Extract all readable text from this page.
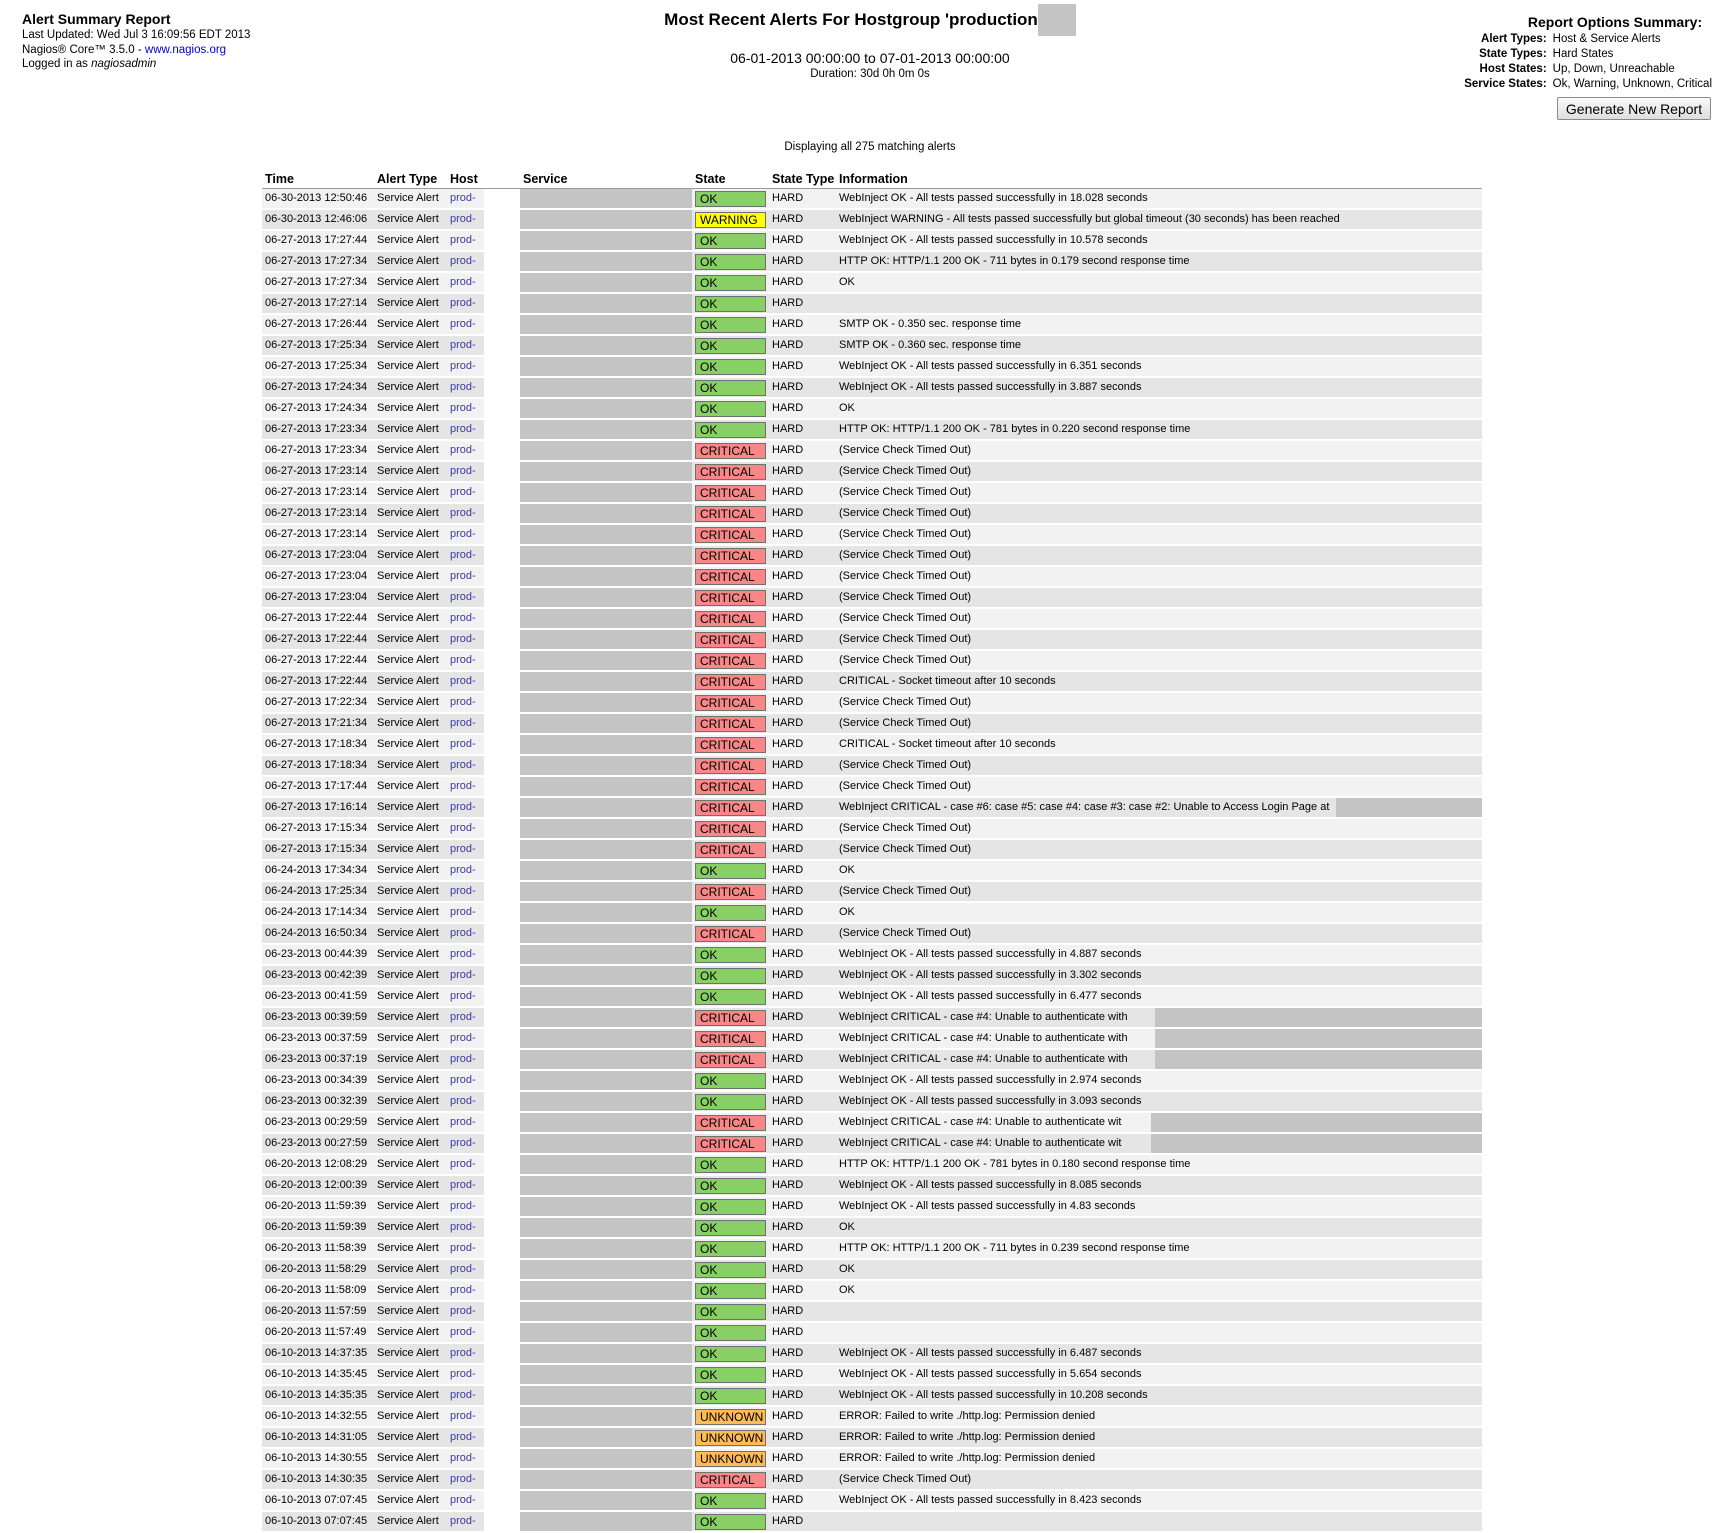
Alert Summary Report
Last Updated: Wed Jul 3 16:09:56 EDT 2013
Nagios® Core™ 3.5.0 - www.nagios.org
Logged in as nagiosadmin
Most Recent Alerts For Hostgroup 'production
06-01-2013 00:00:00 to 07-01-2013 00:00:00
Duration: 30d 0h 0m 0s
Report Options Summary:
Alert Types:	Host & Service Alerts
State Types:	Hard States
Host States:	Up, Down, Unreachable
Service States:	Ok, Warning, Unknown, Critical
Generate New Report
Displaying all 275 matching alerts
Time	Alert Type	Host		Service	State	State Type	Information
06-30-2013 12:50:46	Service Alert	prod-			OK	HARD	WebInject OK - All tests passed successfully in 18.028 seconds
06-30-2013 12:46:06	Service Alert	prod-			WARNING	HARD	WebInject WARNING - All tests passed successfully but global timeout (30 seconds) has been reached
06-27-2013 17:27:44	Service Alert	prod-			OK	HARD	WebInject OK - All tests passed successfully in 10.578 seconds
06-27-2013 17:27:34	Service Alert	prod-			OK	HARD	HTTP OK: HTTP/1.1 200 OK - 711 bytes in 0.179 second response time
06-27-2013 17:27:34	Service Alert	prod-			OK	HARD	OK
06-27-2013 17:27:14	Service Alert	prod-			OK	HARD	
06-27-2013 17:26:44	Service Alert	prod-			OK	HARD	SMTP OK - 0.350 sec. response time
06-27-2013 17:25:34	Service Alert	prod-			OK	HARD	SMTP OK - 0.360 sec. response time
06-27-2013 17:25:34	Service Alert	prod-			OK	HARD	WebInject OK - All tests passed successfully in 6.351 seconds
06-27-2013 17:24:34	Service Alert	prod-			OK	HARD	WebInject OK - All tests passed successfully in 3.887 seconds
06-27-2013 17:24:34	Service Alert	prod-			OK	HARD	OK
06-27-2013 17:23:34	Service Alert	prod-			OK	HARD	HTTP OK: HTTP/1.1 200 OK - 781 bytes in 0.220 second response time
06-27-2013 17:23:34	Service Alert	prod-			CRITICAL	HARD	(Service Check Timed Out)
06-27-2013 17:23:14	Service Alert	prod-			CRITICAL	HARD	(Service Check Timed Out)
06-27-2013 17:23:14	Service Alert	prod-			CRITICAL	HARD	(Service Check Timed Out)
06-27-2013 17:23:14	Service Alert	prod-			CRITICAL	HARD	(Service Check Timed Out)
06-27-2013 17:23:14	Service Alert	prod-			CRITICAL	HARD	(Service Check Timed Out)
06-27-2013 17:23:04	Service Alert	prod-			CRITICAL	HARD	(Service Check Timed Out)
06-27-2013 17:23:04	Service Alert	prod-			CRITICAL	HARD	(Service Check Timed Out)
06-27-2013 17:23:04	Service Alert	prod-			CRITICAL	HARD	(Service Check Timed Out)
06-27-2013 17:22:44	Service Alert	prod-			CRITICAL	HARD	(Service Check Timed Out)
06-27-2013 17:22:44	Service Alert	prod-			CRITICAL	HARD	(Service Check Timed Out)
06-27-2013 17:22:44	Service Alert	prod-			CRITICAL	HARD	(Service Check Timed Out)
06-27-2013 17:22:44	Service Alert	prod-			CRITICAL	HARD	CRITICAL - Socket timeout after 10 seconds
06-27-2013 17:22:34	Service Alert	prod-			CRITICAL	HARD	(Service Check Timed Out)
06-27-2013 17:21:34	Service Alert	prod-			CRITICAL	HARD	(Service Check Timed Out)
06-27-2013 17:18:34	Service Alert	prod-			CRITICAL	HARD	CRITICAL - Socket timeout after 10 seconds
06-27-2013 17:18:34	Service Alert	prod-			CRITICAL	HARD	(Service Check Timed Out)
06-27-2013 17:17:44	Service Alert	prod-			CRITICAL	HARD	(Service Check Timed Out)
06-27-2013 17:16:14	Service Alert	prod-			CRITICAL	HARD	WebInject CRITICAL - case #6: case #5: case #4: case #3: case #2: Unable to Access Login Page at

06-27-2013 17:15:34	Service Alert	prod-			CRITICAL	HARD	(Service Check Timed Out)
06-27-2013 17:15:34	Service Alert	prod-			CRITICAL	HARD	(Service Check Timed Out)
06-24-2013 17:34:34	Service Alert	prod-			OK	HARD	OK
06-24-2013 17:25:34	Service Alert	prod-			CRITICAL	HARD	(Service Check Timed Out)
06-24-2013 17:14:34	Service Alert	prod-			OK	HARD	OK
06-24-2013 16:50:34	Service Alert	prod-			CRITICAL	HARD	(Service Check Timed Out)
06-23-2013 00:44:39	Service Alert	prod-			OK	HARD	WebInject OK - All tests passed successfully in 4.887 seconds
06-23-2013 00:42:39	Service Alert	prod-			OK	HARD	WebInject OK - All tests passed successfully in 3.302 seconds
06-23-2013 00:41:59	Service Alert	prod-			OK	HARD	WebInject OK - All tests passed successfully in 6.477 seconds
06-23-2013 00:39:59	Service Alert	prod-			CRITICAL	HARD	WebInject CRITICAL - case #4: Unable to authenticate with

06-23-2013 00:37:59	Service Alert	prod-			CRITICAL	HARD	WebInject CRITICAL - case #4: Unable to authenticate with

06-23-2013 00:37:19	Service Alert	prod-			CRITICAL	HARD	WebInject CRITICAL - case #4: Unable to authenticate with

06-23-2013 00:34:39	Service Alert	prod-			OK	HARD	WebInject OK - All tests passed successfully in 2.974 seconds
06-23-2013 00:32:39	Service Alert	prod-			OK	HARD	WebInject OK - All tests passed successfully in 3.093 seconds
06-23-2013 00:29:59	Service Alert	prod-			CRITICAL	HARD	WebInject CRITICAL - case #4: Unable to authenticate wit

06-23-2013 00:27:59	Service Alert	prod-			CRITICAL	HARD	WebInject CRITICAL - case #4: Unable to authenticate wit

06-20-2013 12:08:29	Service Alert	prod-			OK	HARD	HTTP OK: HTTP/1.1 200 OK - 781 bytes in 0.180 second response time
06-20-2013 12:00:39	Service Alert	prod-			OK	HARD	WebInject OK - All tests passed successfully in 8.085 seconds
06-20-2013 11:59:39	Service Alert	prod-			OK	HARD	WebInject OK - All tests passed successfully in 4.83 seconds
06-20-2013 11:59:39	Service Alert	prod-			OK	HARD	OK
06-20-2013 11:58:39	Service Alert	prod-			OK	HARD	HTTP OK: HTTP/1.1 200 OK - 711 bytes in 0.239 second response time
06-20-2013 11:58:29	Service Alert	prod-			OK	HARD	OK
06-20-2013 11:58:09	Service Alert	prod-			OK	HARD	OK
06-20-2013 11:57:59	Service Alert	prod-			OK	HARD	
06-20-2013 11:57:49	Service Alert	prod-			OK	HARD	
06-10-2013 14:37:35	Service Alert	prod-			OK	HARD	WebInject OK - All tests passed successfully in 6.487 seconds
06-10-2013 14:35:45	Service Alert	prod-			OK	HARD	WebInject OK - All tests passed successfully in 5.654 seconds
06-10-2013 14:35:35	Service Alert	prod-			OK	HARD	WebInject OK - All tests passed successfully in 10.208 seconds
06-10-2013 14:32:55	Service Alert	prod-			UNKNOWN	HARD	ERROR: Failed to write ./http.log: Permission denied
06-10-2013 14:31:05	Service Alert	prod-			UNKNOWN	HARD	ERROR: Failed to write ./http.log: Permission denied
06-10-2013 14:30:55	Service Alert	prod-			UNKNOWN	HARD	ERROR: Failed to write ./http.log: Permission denied
06-10-2013 14:30:35	Service Alert	prod-			CRITICAL	HARD	(Service Check Timed Out)
06-10-2013 07:07:45	Service Alert	prod-			OK	HARD	WebInject OK - All tests passed successfully in 8.423 seconds
06-10-2013 07:07:45	Service Alert	prod-			OK	HARD	
